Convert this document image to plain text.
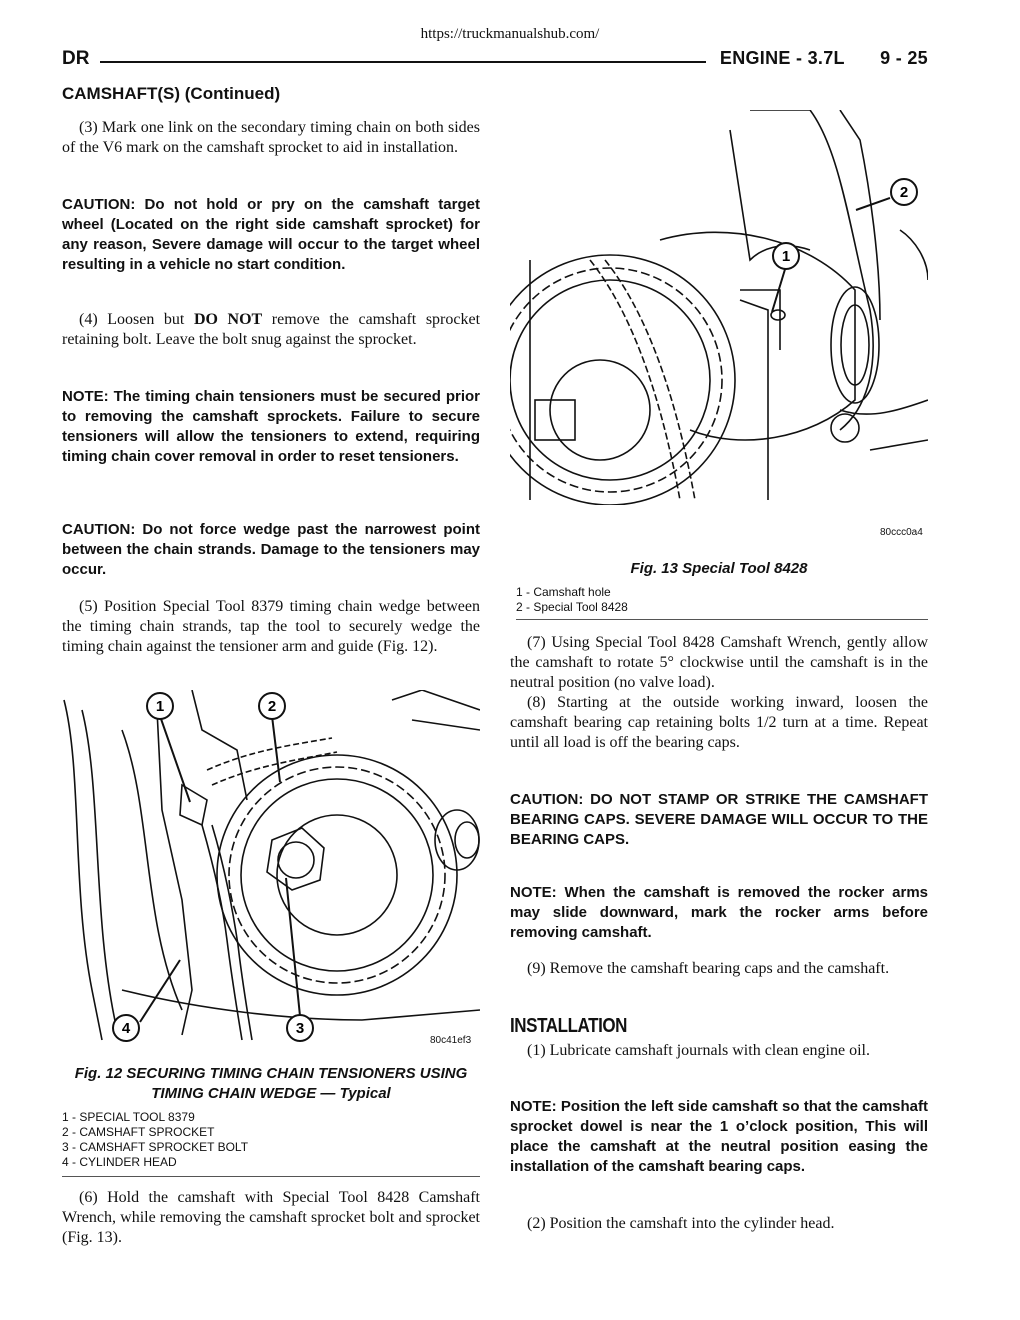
https://truckmanualshub.com/
DR	ENGINE - 3.7L 9 - 25
CAMSHAFT(S) (Continued)

(3) Mark one link on the secondary timing chain on both sides of the V6 mark on the camshaft sprocket to aid in installation.

CAUTION: Do not hold or pry on the camshaft target wheel (Located on the right side camshaft sprocket) for any reason, Severe damage will occur to the target wheel resulting in a vehicle no start condition.

(4) Loosen but DO NOT remove the camshaft sprocket retaining bolt. Leave the bolt snug against the sprocket.

NOTE: The timing chain tensioners must be secured prior to removing the camshaft sprockets. Failure to secure tensioners will allow the tensioners to extend, requiring timing chain cover removal in order to reset tensioners.

CAUTION: Do not force wedge past the narrowest point between the chain strands. Damage to the tensioners may occur.

(5) Position Special Tool 8379 timing chain wedge between the timing chain strands, tap the tool to securely wedge the timing chain against the tensioner arm and guide (Fig. 12).

1	2
3
4
80c41ef3

Fig. 12 SECURING TIMING CHAIN TENSIONERS USING TIMING CHAIN WEDGE — Typical

1 - SPECIAL TOOL 8379

2 - CAMSHAFT SPROCKET

3 - CAMSHAFT SPROCKET BOLT

4 - CYLINDER HEAD

(6) Hold the camshaft with Special Tool 8428 Camshaft Wrench, while removing the camshaft sprocket bolt and sprocket (Fig. 13).

1
2
80ccc0a4

Fig. 13 Special Tool 8428

1 - Camshaft hole

2 - Special Tool 8428

(7) Using Special Tool 8428 Camshaft Wrench, gently allow the camshaft to rotate 5° clockwise until the camshaft is in the neutral position (no valve load).

(8) Starting at the outside working inward, loosen the camshaft bearing cap retaining bolts 1/2 turn at a time. Repeat until all load is off the bearing caps.

CAUTION: DO NOT STAMP OR STRIKE THE CAMSHAFT BEARING CAPS. SEVERE DAMAGE WILL OCCUR TO THE BEARING CAPS.

NOTE: When the camshaft is removed the rocker arms may slide downward, mark the rocker arms before removing camshaft.

(9) Remove the camshaft bearing caps and the camshaft.

INSTALLATION

(1) Lubricate camshaft journals with clean engine oil.

NOTE: Position the left side camshaft so that the camshaft sprocket dowel is near the 1 o’clock position, This will place the camshaft at the neutral position easing the installation of the camshaft bearing caps.

(2) Position the camshaft into the cylinder head.
